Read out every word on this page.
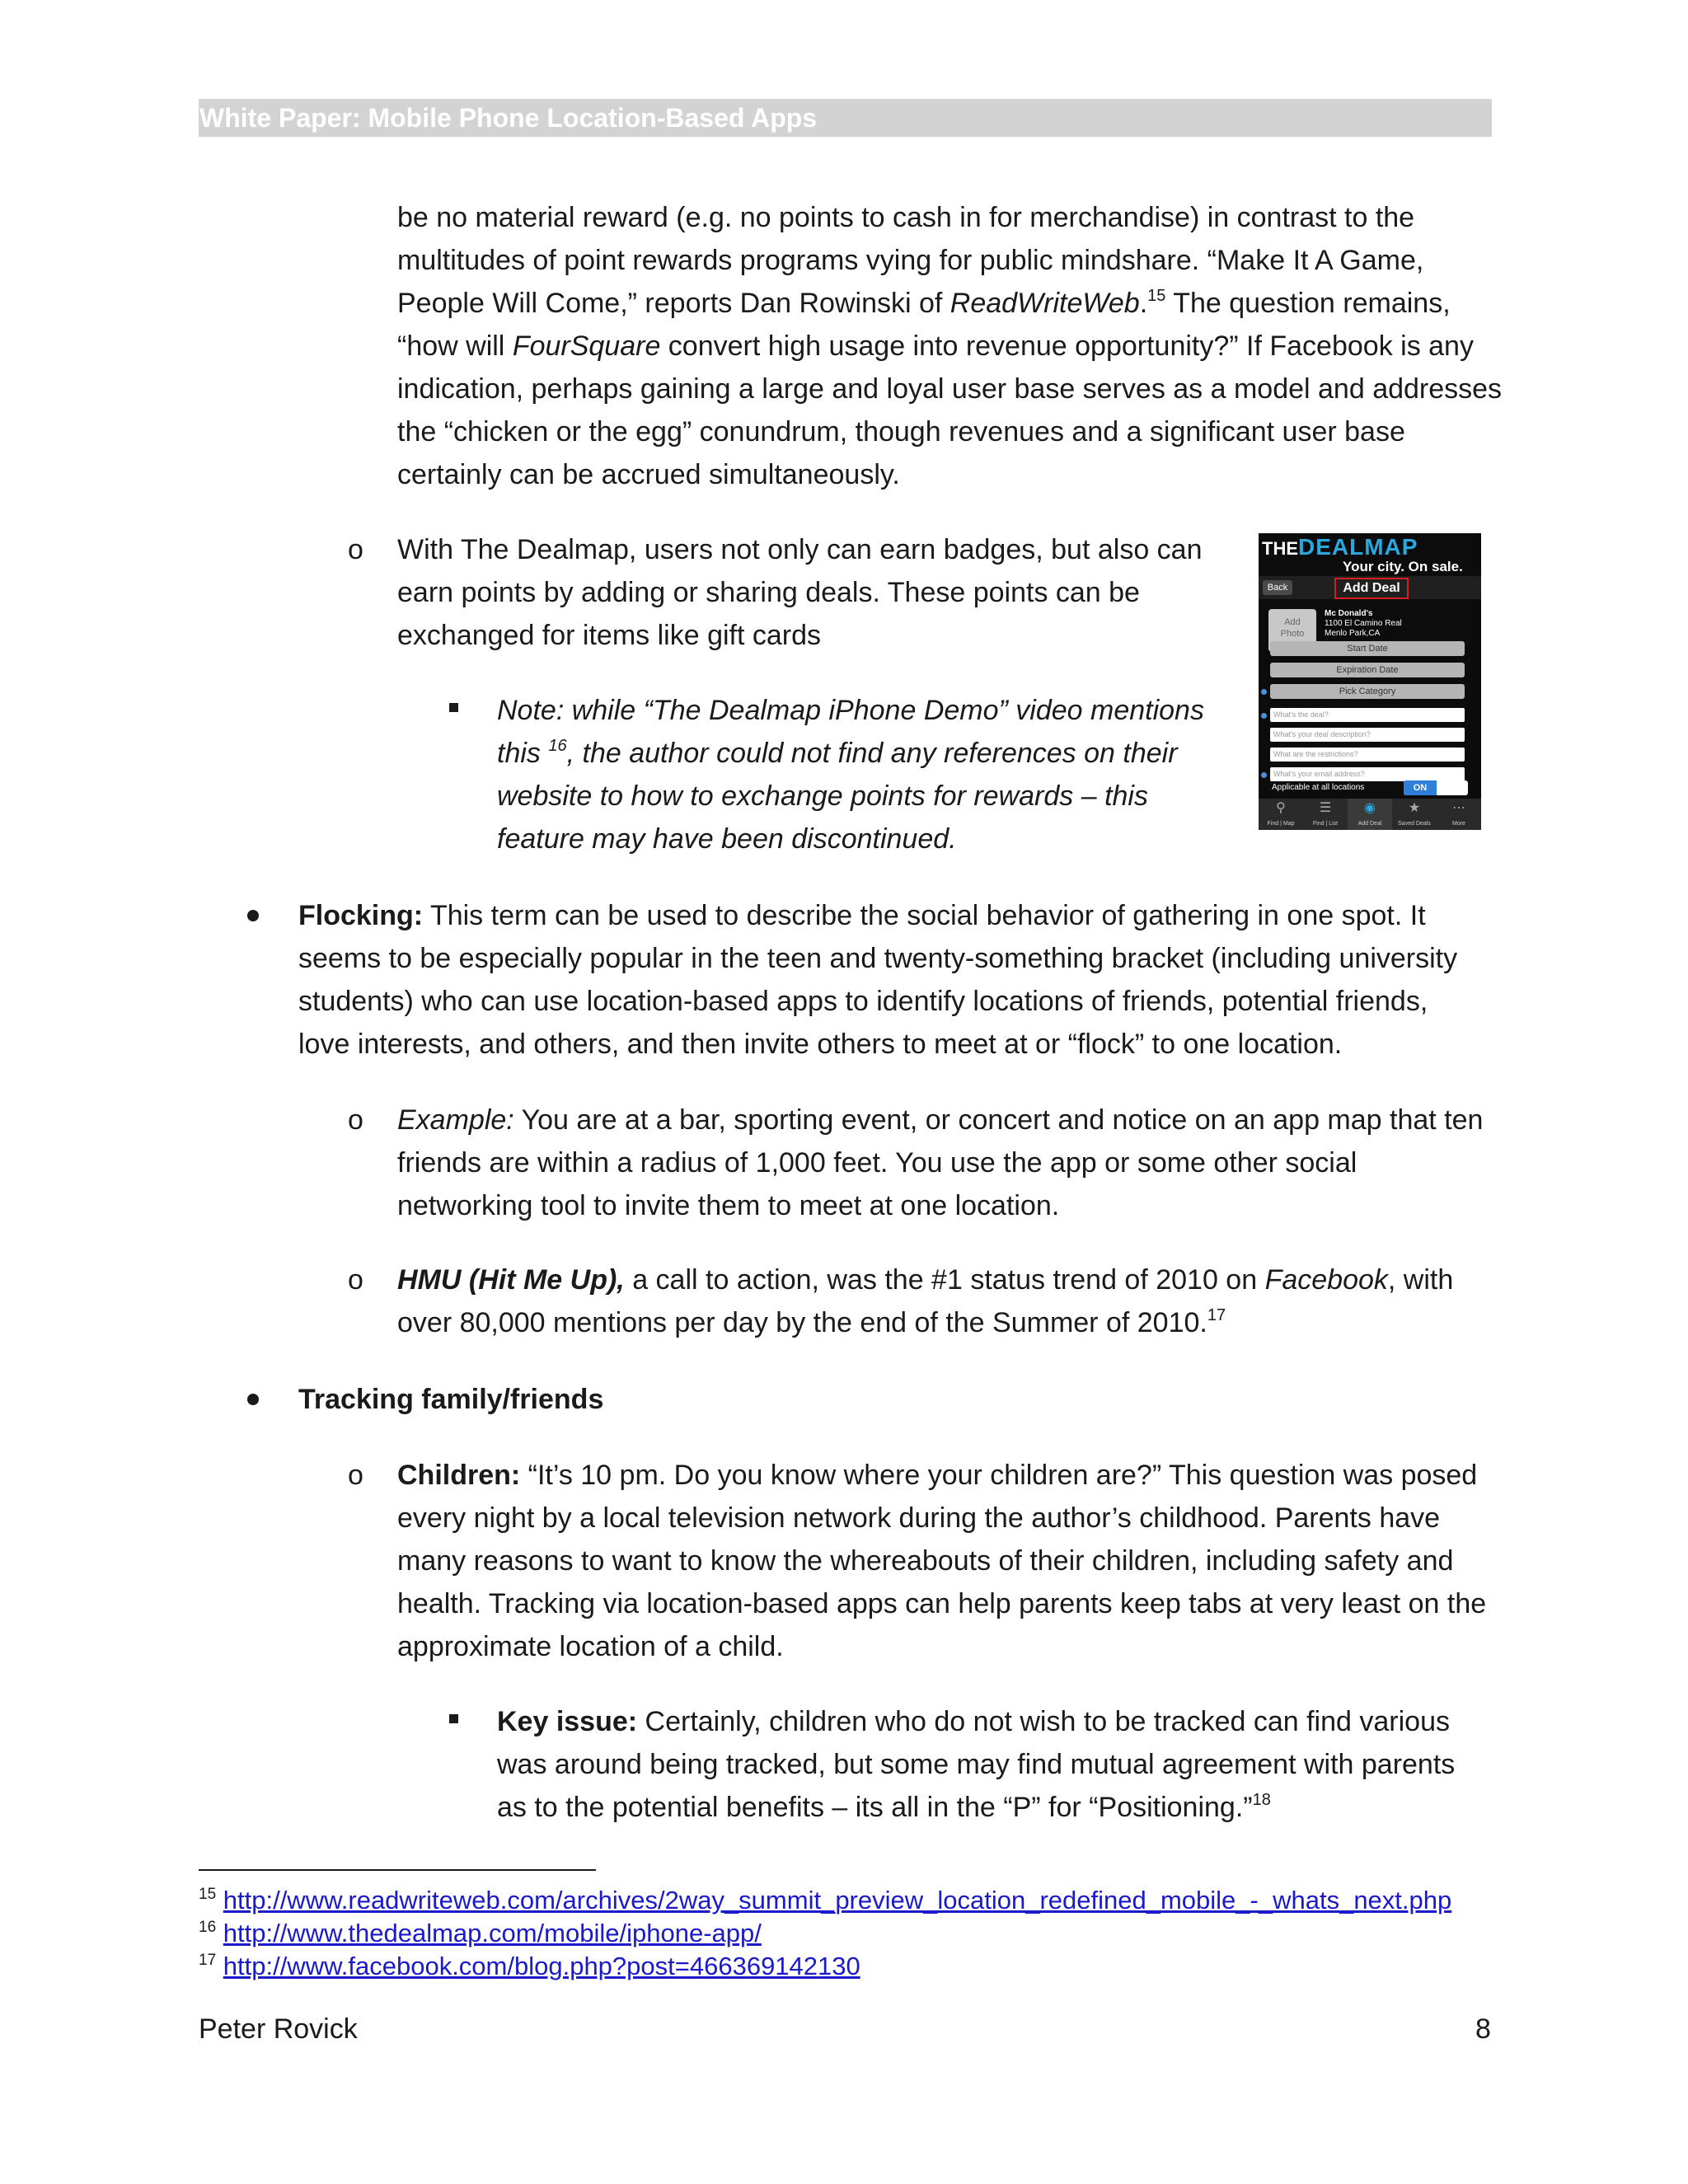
White Paper: Mobile Phone Location-Based Apps
be no material reward (e.g. no points to cash in for merchandise) in contrast to the
multitudes of point rewards programs vying for public mindshare. “Make It A Game,
People Will Come,” reports Dan Rowinski of ReadWriteWeb.$^{15}$ The question remains,
“how will FourSquare convert high usage into revenue opportunity?” If Facebook is any
indication, perhaps gaining a large and loyal user base serves as a model and addresses
the “chicken or the egg” conundrum, though revenues and a significant user base
certainly can be accrued simultaneously.
o With The Dealmap, users not only can earn badges, but also can
earn points by adding or sharing deals. These points can be
exchanged for items like gift cards
Note: while “The Dealmap iPhone Demo” video mentions
this $^{16}$, the author could not find any references on their
website to how to exchange points for rewards – this
feature may have been discontinued.
THEDEALMAP
Your city. On sale.
Back	Add Deal
Add
Photo
Mc Donald's
1100 El Camino Real
Menlo Park,CA
Start Date
Expiration Date
Pick Category
What's the deal?
What's your deal description?
What are the restrictions?
What's your email address?
Applicable at all locations	ON
⚲
Find | Map
☰
Find | List
◉
Add Deal
★
Saved Deals
⋯
More
Flocking: This term can be used to describe the social behavior of gathering in one spot. It
seems to be especially popular in the teen and twenty-something bracket (including university
students) who can use location-based apps to identify locations of friends, potential friends,
love interests, and others, and then invite others to meet at or “flock” to one location.
o Example: You are at a bar, sporting event, or concert and notice on an app map that ten
friends are within a radius of 1,000 feet. You use the app or some other social
networking tool to invite them to meet at one location.
o HMU (Hit Me Up), a call to action, was the #1 status trend of 2010 on Facebook, with
over 80,000 mentions per day by the end of the Summer of 2010.17
Tracking family/friends
o Children: “It’s 10 pm. Do you know where your children are?” This question was posed
every night by a local television network during the author’s childhood. Parents have
many reasons to want to know the whereabouts of their children, including safety and
health. Tracking via location-based apps can help parents keep tabs at very least on the
approximate location of a child.
Key issue: Certainly, children who do not wish to be tracked can find various
was around being tracked, but some may find mutual agreement with parents
as to the potential benefits – its all in the “P” for “Positioning.”$^{18}$
$^{15}$ http://www.readwriteweb.com/archives/2way_summit_preview_location_redefined_mobile_-_whats_next.php
$^{16}$ http://www.thedealmap.com/mobile/iphone-app/
$^{17}$ http://www.facebook.com/blog.php?post=466369142130
Peter Rovick	8
